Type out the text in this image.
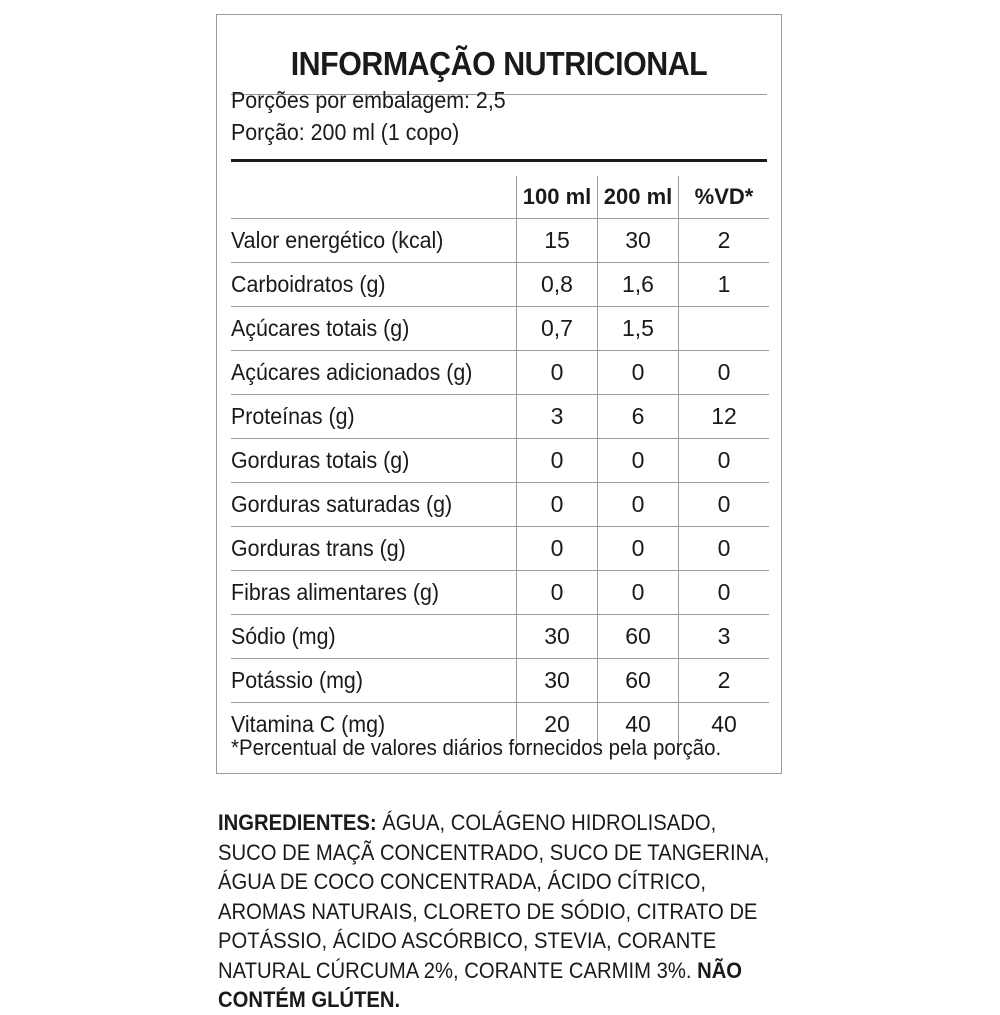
INFORMAÇÃO NUTRICIONAL
Porções por embalagem: 2,5
Porção: 200 ml (1 copo)
	100 ml	200 ml	%VD*
Valor energético (kcal)	15	30	2
Carboidratos (g)	0,8	1,6	1
Açúcares totais (g)	0,7	1,5	
Açúcares adicionados (g)	0	0	0
Proteínas (g)	3	6	12
Gorduras totais (g)	0	0	0
Gorduras saturadas (g)	0	0	0
Gorduras trans (g)	0	0	0
Fibras alimentares (g)	0	0	0
Sódio (mg)	30	60	3
Potássio (mg)	30	60	2
Vitamina C (mg)	20	40	40
*Percentual de valores diários fornecidos pela porção.
INGREDIENTES: ÁGUA, COLÁGENO HIDROLISADO, SUCO DE MAÇÃ CONCENTRADO, SUCO DE TANGERINA, ÁGUA DE COCO CONCENTRADA, ÁCIDO CÍTRICO, AROMAS NATURAIS, CLORETO DE SÓDIO, CITRATO DE POTÁSSIO, ÁCIDO ASCÓRBICO, STEVIA, CORANTE NATURAL CÚRCUMA 2%, CORANTE CARMIM 3%. NÃO CONTÉM GLÚTEN.
